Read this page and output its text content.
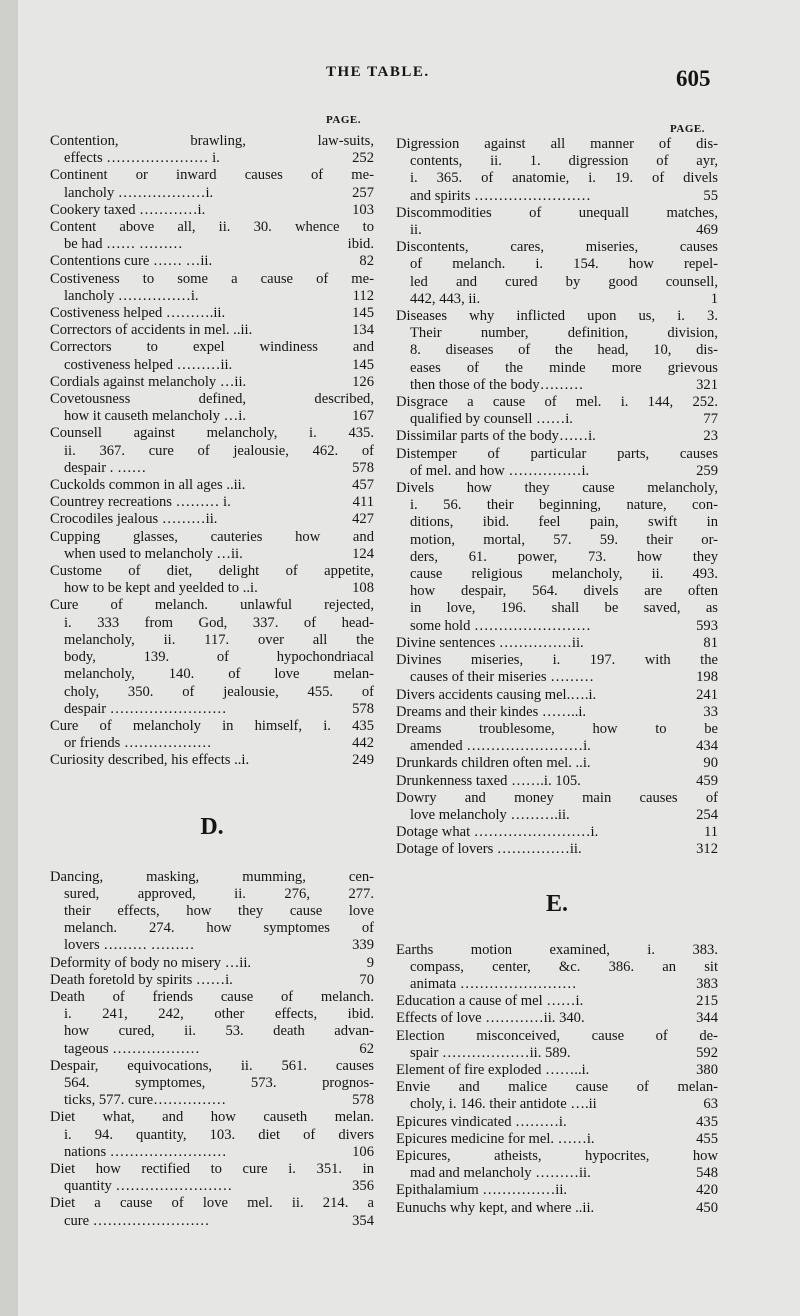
THE TABLE.	605
PAGE.
PAGE.
Contention, brawling, law-suits,
effects ………………… i.	252
Continent or inward causes of me-
lancholy ………………i.	257
Cookery taxed …………i.	103
Content above all, ii. 30. whence to
be had …… ………	ibid.
Contentions cure …… …ii.	82
Costiveness to some a cause of me-
lancholy ……………i.	112
Costiveness helped ……….ii.	145
Correctors of accidents in mel. ..ii.	134
Correctors to expel windiness and
costiveness helped ………ii.	145
Cordials against melancholy …ii.	126
Covetousness defined, described,
how it causeth melancholy …i.	167
Counsell against melancholy, i. 435.
ii. 367. cure of jealousie, 462. of
despair . ……	578
Cuckolds common in all ages ..ii.	457
Countrey recreations ……… i.	411
Crocodiles jealous ………ii.	427
Cupping glasses, cauteries how and
when used to melancholy …ii.	124
Custome of diet, delight of appetite,
how to be kept and yeelded to ..i.	108
Cure of melanch. unlawful rejected,
i. 333 from God, 337. of head-
melancholy, ii. 117. over all the
body, 139. of hypochondriacal
melancholy, 140. of love melan-
choly, 350. of jealousie, 455. of
despair ……………………	578
Cure of melancholy in himself, i. 435
or friends ………………	442
Curiosity described, his effects ..i.	249
D.
Dancing, masking, mumming, cen-
sured, approved, ii. 276, 277.
their effects, how they cause love
melanch. 274. how symptomes of
lovers ……… ………	339
Deformity of body no misery …ii.	9
Death foretold by spirits ……i.	70
Death of friends cause of melanch.
i. 241, 242, other effects, ibid.
how cured, ii. 53. death advan-
tageous ………………	62
Despair, equivocations, ii. 561. causes
564. symptomes, 573. prognos-
ticks, 577. cure……………	578
Diet what, and how causeth melan.
i. 94. quantity, 103. diet of divers
nations ……………………	106
Diet how rectified to cure i. 351. in
quantity ……………………	356
Diet a cause of love mel. ii. 214. a
cure ……………………	354
Digression against all manner of dis-
contents, ii. 1. digression of ayr,
i. 365. of anatomie, i. 19. of divels
and spirits ……………………	55
Discommodities of unequall matches,
ii.	469
Discontents, cares, miseries, causes
of melanch. i. 154. how repel-
led and cured by good counsell,
442, 443, ii.	1
Diseases why inflicted upon us, i. 3.
Their number, definition, division,
8. diseases of the head, 10, dis-
eases of the minde more grievous
then those of the body………	321
Disgrace a cause of mel. i. 144, 252.
qualified by counsell ……i.	77
Dissimilar parts of the body……i.	23
Distemper of particular parts, causes
of mel. and how ……………i.	259
Divels how they cause melancholy,
i. 56. their beginning, nature, con-
ditions, ibid. feel pain, swift in
motion, mortal, 57. 59. their or-
ders, 61. power, 73. how they
cause religious melancholy, ii. 493.
how despair, 564. divels are often
in love, 196. shall be saved, as
some hold ……………………	593
Divine sentences ……………ii.	81
Divines miseries, i. 197. with the
causes of their miseries ………	198
Divers accidents causing mel.….i.	241
Dreams and their kindes ……..i.	33
Dreams troublesome, how to be
amended ……………………i.	434
Drunkards children often mel. ..i.	90
Drunkenness taxed …….i. 105.	459
Dowry and money main causes of
love melancholy ……….ii.	254
Dotage what ……………………i.	11
Dotage of lovers ……………ii.	312
E.
Earths motion examined, i. 383.
compass, center, &c. 386. an sit
animata ……………………	383
Education a cause of mel ……i.	215
Effects of love …………ii. 340.	344
Election misconceived, cause of de-
spair ………………ii. 589.	592
Element of fire exploded ……..i.	380
Envie and malice cause of melan-
choly, i. 146. their antidote ….ii	63
Epicures vindicated ………i.	435
Epicures medicine for mel. ……i.	455
Epicures, atheists, hypocrites, how
mad and melancholy ………ii.	548
Epithalamium ……………ii.	420
Eunuchs why kept, and where ..ii.	450
